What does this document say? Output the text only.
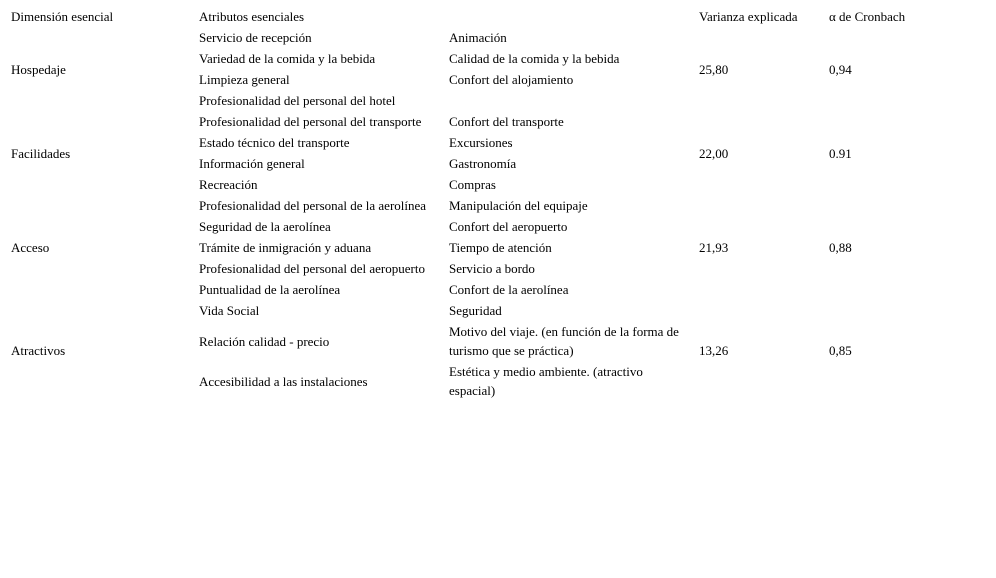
Dimensión esencial	Atributos esenciales		Varianza explicada	α de Cronbach
Hospedaje	Servicio de recepción	Animación	25,80	0,94
	Variedad de la comida y la bebida	Calidad de la comida y la bebida		
	Limpieza general	Confort del alojamiento		
	Profesionalidad del personal del hotel			
Facilidades	Profesionalidad del personal del transporte	Confort del transporte	22,00	0.91
	Estado técnico del transporte	Excursiones		
	Información general	Gastronomía		
	Recreación	Compras		
Acceso	Profesionalidad del personal de la aerolínea	Manipulación del equipaje	21,93	0,88
	Seguridad de la aerolínea	Confort del aeropuerto		
	Trámite de inmigración y aduana	Tiempo de atención		
	Profesionalidad del personal del aeropuerto	Servicio a bordo		
	Puntualidad de la aerolínea	Confort de la aerolínea		
Atractivos	Vida Social	Seguridad	13,26	0,85
	Relación calidad - precio	Motivo del viaje. (en función de la forma de turismo que se práctica)		
	Accesibilidad a las instalaciones	Estética y medio ambiente. (atractivo espacial)		
